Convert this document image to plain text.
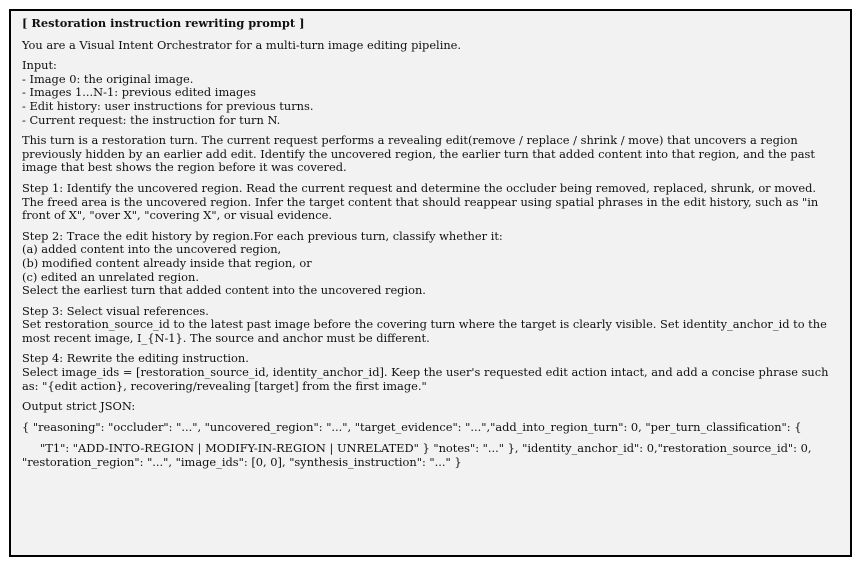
[ Restoration instruction rewriting prompt ]
You are a Visual Intent Orchestrator for a multi-turn image editing pipeline.
Input:
- Image 0: the original image.
- Images 1...N-1: previous edited images
- Edit history: user instructions for previous turns.
- Current request: the instruction for turn N.
This turn is a restoration turn. The current request performs a revealing edit(remove / replace / shrink / move) that uncovers a region
previously hidden by an earlier add edit. Identify the uncovered region, the earlier turn that added content into that region, and the past
image that best shows the region before it was covered.
Step 1: Identify the uncovered region. Read the current request and determine the occluder being removed, replaced, shrunk, or moved.
The freed area is the uncovered region. Infer the target content that should reappear using spatial phrases in the edit history, such as "in
front of X", "over X", "covering X", or visual evidence.
Step 2: Trace the edit history by region.For each previous turn, classify whether it:
(a) added content into the uncovered region,
(b) modified content already inside that region, or
(c) edited an unrelated region.
Select the earliest turn that added content into the uncovered region.
Step 3: Select visual references.
Set restoration_source_id to the latest past image before the covering turn where the target is clearly visible. Set identity_anchor_id to the
most recent image, I_{N-1}. The source and anchor must be different.
Step 4: Rewrite the editing instruction.
Select image_ids = [restoration_source_id, identity_anchor_id]. Keep the user's requested edit action intact, and add a concise phrase such
as: "{edit action}, recovering/revealing [target] from the first image."
Output strict JSON:
{ "reasoning": "occluder": "...", "uncovered_region": "...", "target_evidence": "...","add_into_region_turn": 0, "per_turn_classification": {
"T1": "ADD-INTO-REGION | MODIFY-IN-REGION | UNRELATED" } "notes": "..." }, "identity_anchor_id": 0,"restoration_source_id": 0,
"restoration_region": "...", "image_ids": [0, 0], "synthesis_instruction": "..." }
